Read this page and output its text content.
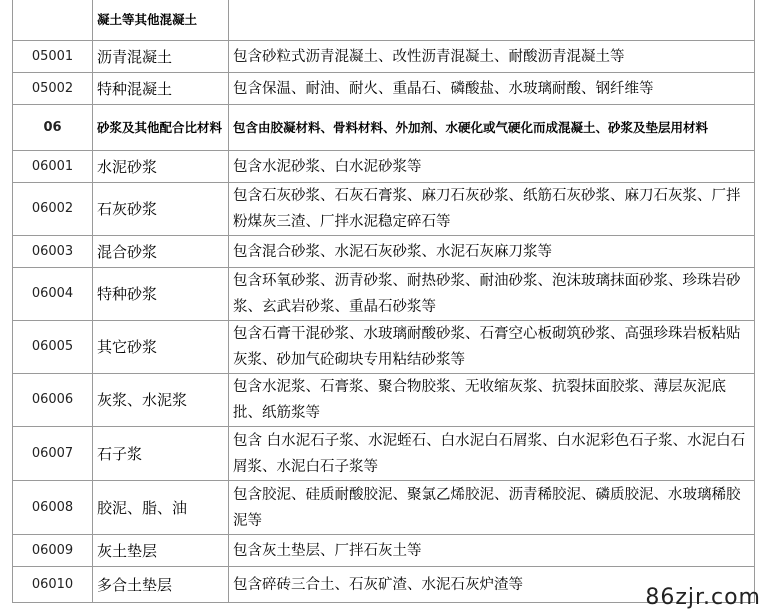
	凝土等其他混凝土	
05001	沥青混凝土	包含砂粒式沥青混凝土、改性沥青混凝土、耐酸沥青混凝土等
05002	特种混凝土	包含保温、耐油、耐火、重晶石、磷酸盐、水玻璃耐酸、钢纤维等
06	砂浆及其他配合比材料	包含由胶凝材料、骨料材料、外加剂、水硬化或气硬化而成混凝土、砂浆及垫层用材料
06001	水泥砂浆	包含水泥砂浆、白水泥砂浆等
06002	石灰砂浆	包含石灰砂浆、石灰石膏浆、麻刀石灰砂浆、纸筋石灰砂浆、麻刀石灰浆、厂拌粉煤灰三渣、厂拌水泥稳定碎石等
06003	混合砂浆	包含混合砂浆、水泥石灰砂浆、水泥石灰麻刀浆等
06004	特种砂浆	包含环氧砂浆、沥青砂浆、耐热砂浆、耐油砂浆、泡沫玻璃抹面砂浆、珍珠岩砂浆、玄武岩砂浆、重晶石砂浆等
06005	其它砂浆	包含石膏干混砂浆、水玻璃耐酸砂浆、石膏空心板砌筑砂浆、高强珍珠岩板粘贴灰浆、砂加气砼砌块专用粘结砂浆等
06006	灰浆、水泥浆	包含水泥浆、石膏浆、聚合物胶浆、无收缩灰浆、抗裂抹面胶浆、薄层灰泥底批、纸筋浆等
06007	石子浆	包含 白水泥石子浆、水泥蛭石、白水泥白石屑浆、白水泥彩色石子浆、水泥白石屑浆、水泥白石子浆等
06008	胶泥、脂、油	包含胶泥、硅质耐酸胶泥、聚氯乙烯胶泥、沥青稀胶泥、磷质胶泥、水玻璃稀胶泥等
06009	灰土垫层	包含灰土垫层、厂拌石灰土等
06010	多合土垫层	包含碎砖三合土、石灰矿渣、水泥石灰炉渣等
86zjr.com
